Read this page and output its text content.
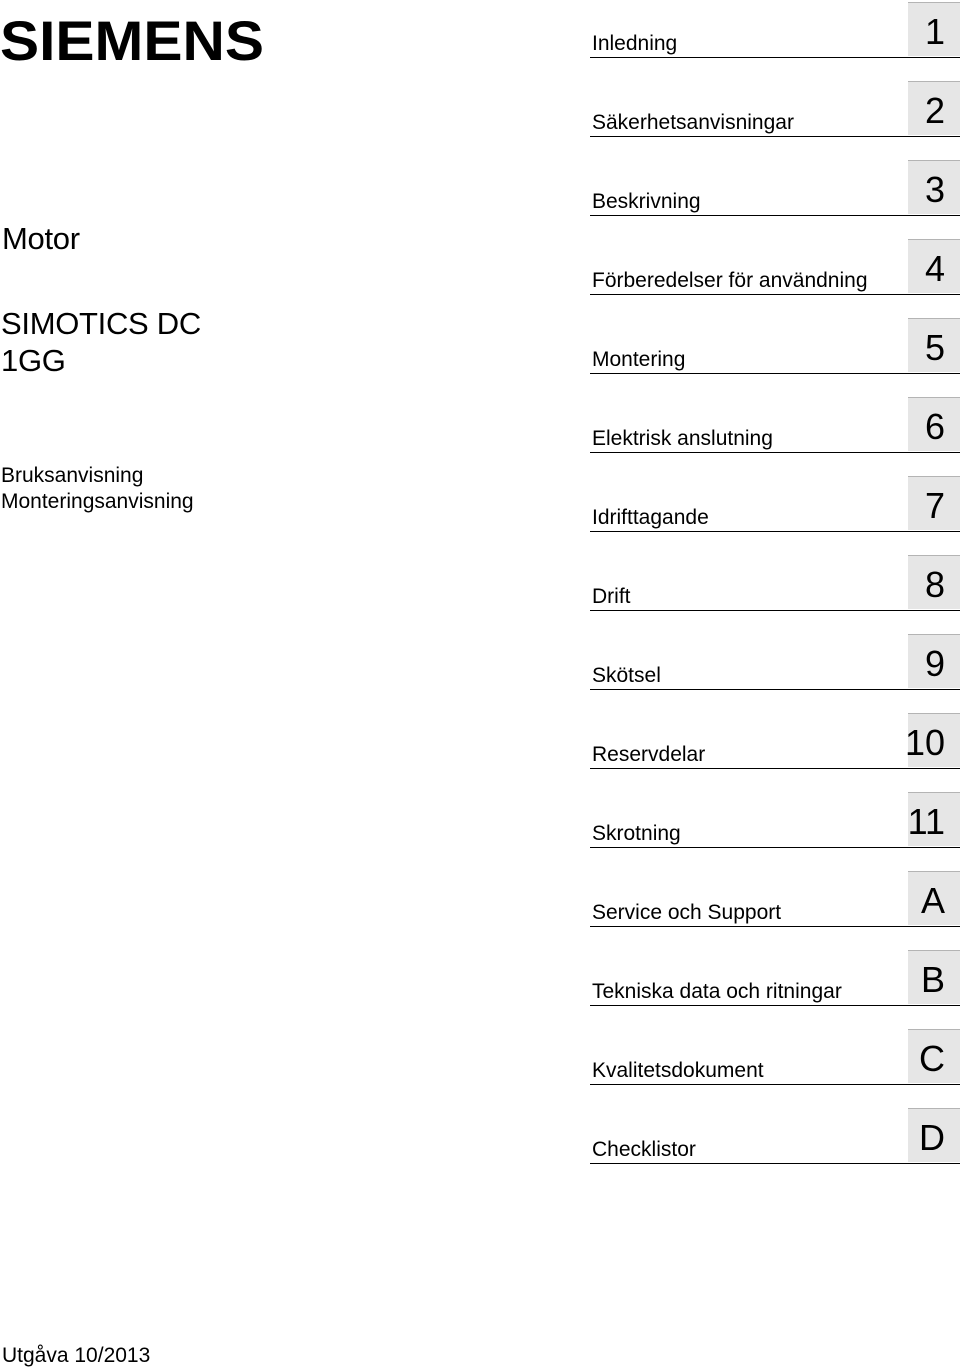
SIEMENS
Motor
SIMOTICS DC
1GG
Bruksanvisning
Monteringsanvisning
Inledning	1
Säkerhetsanvisningar	2
Beskrivning	3
Förberedelser för användning 4
Montering	5
Elektrisk anslutning	6
Idrifttagande	7
Drift	8
Skötsel	9
Reservdelar	10
Skrotning	11
Service och Support	A
Tekniska data och ritningar B
Kvalitetsdokument	C
Checklistor	D
Utgåva 10/2013
